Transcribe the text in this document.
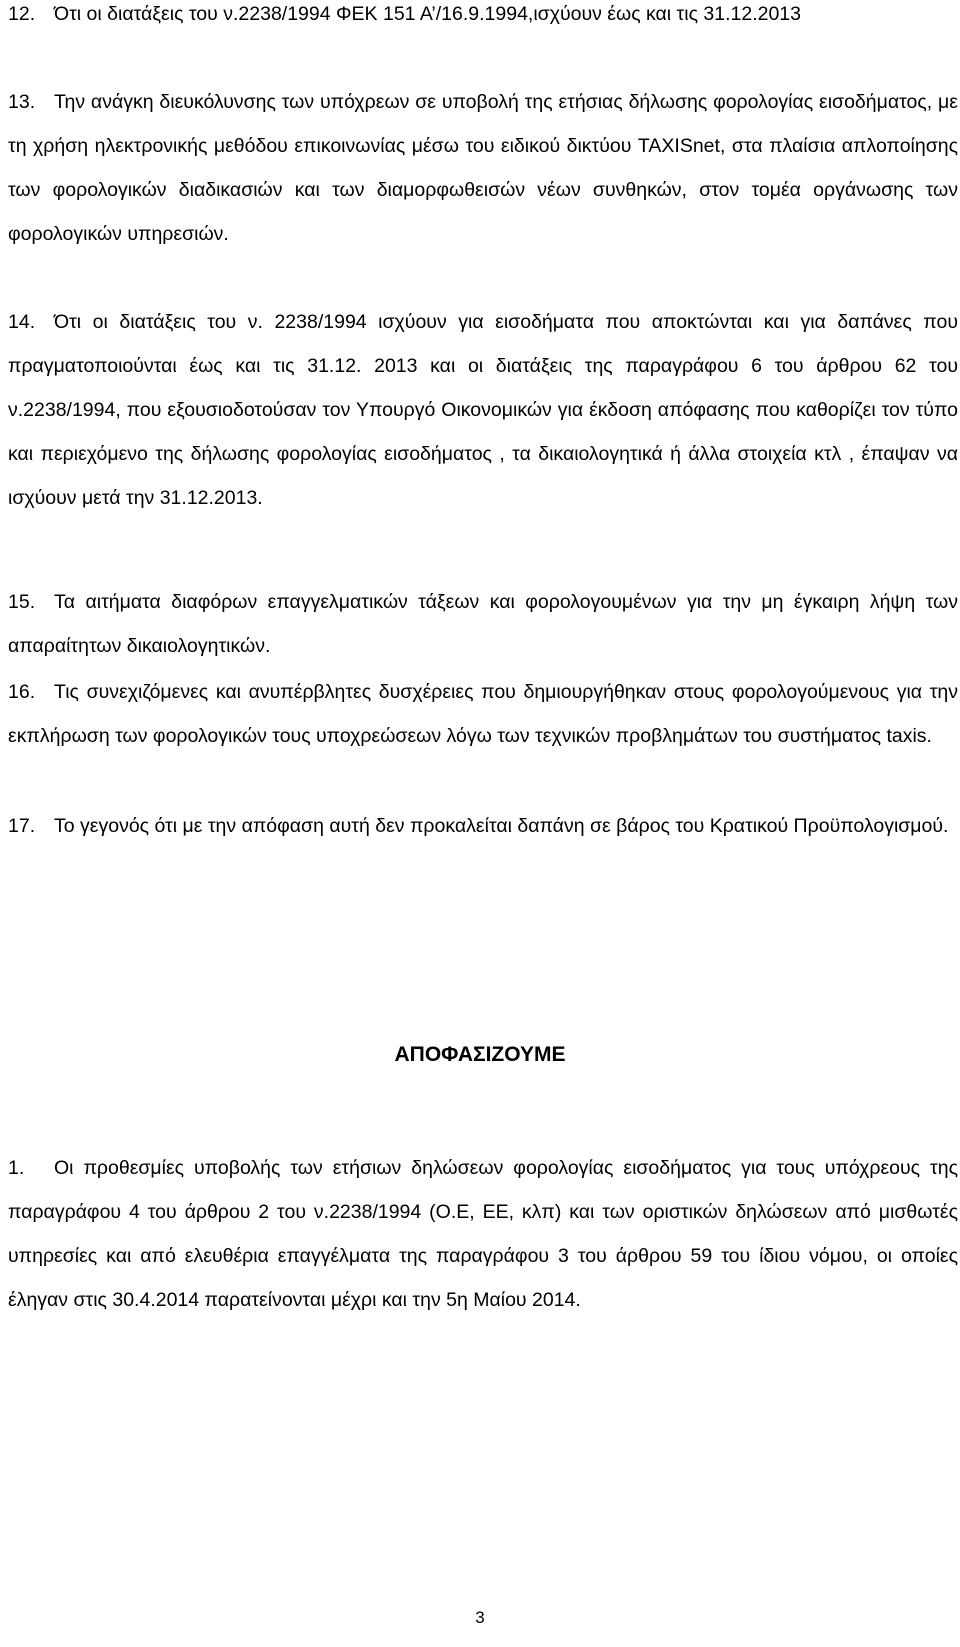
12. Ότι οι διατάξεις του ν.2238/1994 ΦΕΚ 151 Α’/16.9.1994,ισχύουν έως και τις 31.12.2013

13. Την ανάγκη διευκόλυνσης των υπόχρεων σε υποβολή της ετήσιας δήλωσης φορολογίας εισοδήματος, με τη χρήση ηλεκτρονικής μεθόδου επικοινωνίας μέσω του ειδικού δικτύου TAXISnet, στα πλαίσια απλοποίησης των φορολογικών διαδικασιών και των διαμορφωθεισών νέων συνθηκών, στον τομέα οργάνωσης των φορολογικών υπηρεσιών.

14. Ότι οι διατάξεις του ν. 2238/1994 ισχύουν για εισοδήματα που αποκτώνται και για δαπάνες που πραγματοποιούνται έως και τις 31.12. 2013 και οι διατάξεις της παραγράφου 6 του άρθρου 62 του ν.2238/1994, που εξουσιοδοτούσαν τον Υπουργό Οικονομικών για έκδοση απόφασης που καθορίζει τον τύπο και περιεχόμενο της δήλωσης φορολογίας εισοδήματος , τα δικαιολογητικά ή άλλα στοιχεία κτλ , έπαψαν να ισχύουν μετά την 31.12.2013.

15. Τα αιτήματα διαφόρων επαγγελματικών τάξεων και φορολογουμένων για την μη έγκαιρη λήψη των απαραίτητων δικαιολογητικών.

16. Τις συνεχιζόμενες και ανυπέρβλητες δυσχέρειες που δημιουργήθηκαν στους φορολογούμενους για την εκπλήρωση των φορολογικών τους υποχρεώσεων λόγω των τεχνικών προβλημάτων του συστήματος taxis.

17. Το γεγονός ότι με την απόφαση αυτή δεν προκαλείται δαπάνη σε βάρος του Κρατικού Προϋπολογισμού.

ΑΠΟΦΑΣΙΖΟΥΜΕ

1. Οι προθεσμίες υποβολής των ετήσιων δηλώσεων φορολογίας εισοδήματος για τους υπόχρεους της παραγράφου 4 του άρθρου 2 του ν.2238/1994 (Ο.Ε, ΕΕ, κλπ) και των οριστικών δηλώσεων από μισθωτές υπηρεσίες και από ελευθέρια επαγγέλματα της παραγράφου 3 του άρθρου 59 του ίδιου νόμου, οι οποίες έληγαν στις 30.4.2014 παρατείνονται μέχρι και την 5η Μαίου 2014.

3
